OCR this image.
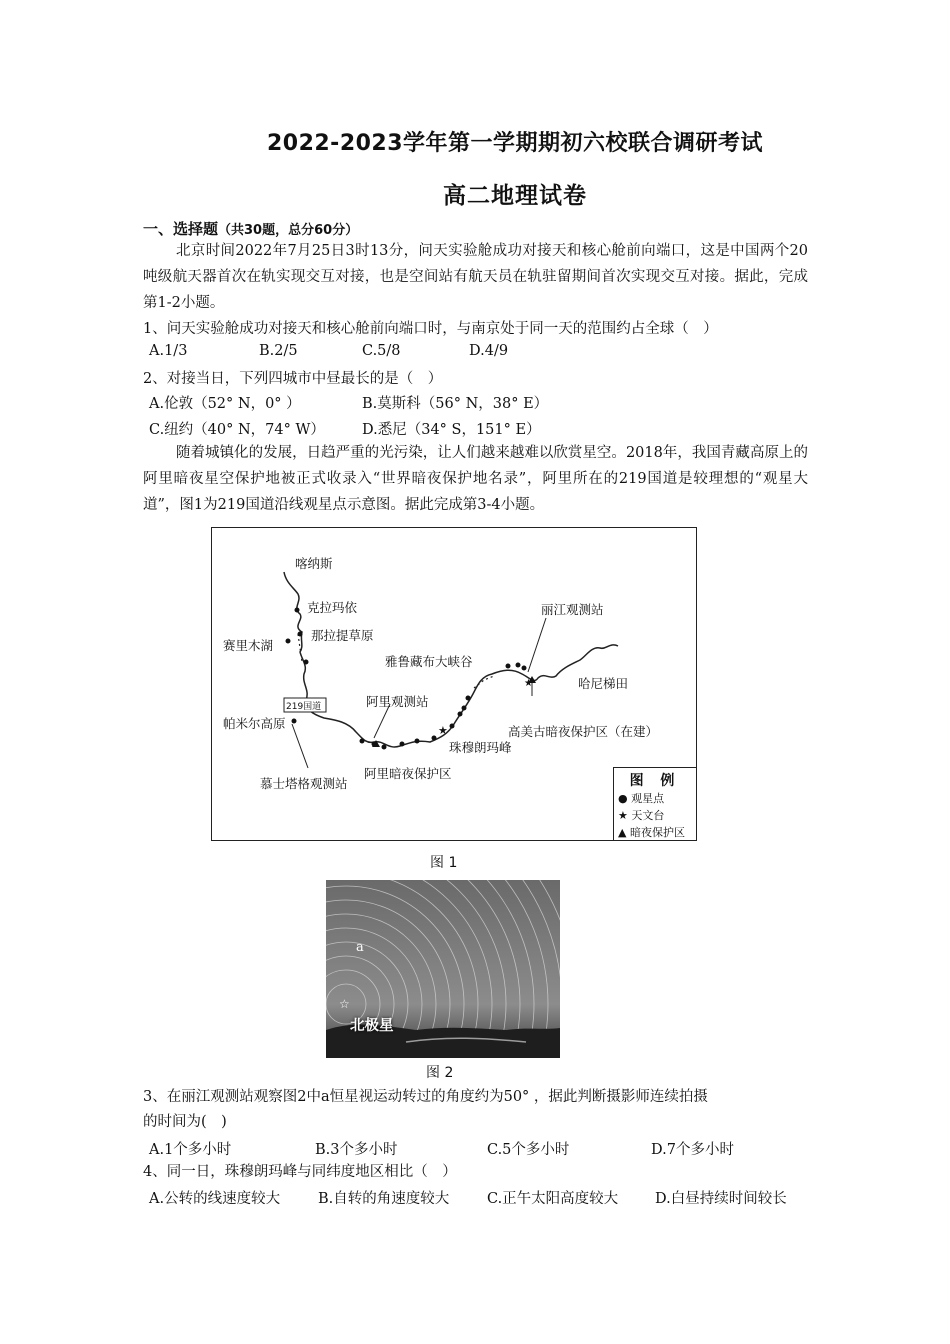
2022-2023学年第一学期期初六校联合调研考试
高二地理试卷
一、选择题（共30题，总分60分）
北京时间2022年7月25日3时13分，问天实验舱成功对接天和核心舱前向端口，这是中国两个20吨级航天器首次在轨实现交互对接，也是空间站有航天员在轨驻留期间首次实现交互对接。据此，完成第1-2小题。
1、问天实验舱成功对接天和核心舱前向端口时，与南京处于同一天的范围约占全球（　）
A.1/3	B.2/5	C.5/8	D.4/9
2、对接当日，下列四城市中昼最长的是（　）
A.伦敦（52° N，0° ）	B.莫斯科（56° N，38° E）
C.纽约（40° N，74° W）	D.悉尼（34° S，151° E）
随着城镇化的发展，日趋严重的光污染，让人们越来越难以欣赏星空。2018年，我国青藏高原上的阿里暗夜星空保护地被正式收录入“世界暗夜保护地名录”，阿里所在的219国道是较理想的“观星大道”，图1为219国道沿线观星点示意图。据此完成第3-4小题。
★
★
喀纳斯
克拉玛依
那拉提草原
赛里木湖
219国道
帕米尔高原
慕士塔格观测站
阿里观测站
阿里暗夜保护区
雅鲁藏布大峡谷
珠穆朗玛峰
丽江观测站
哈尼梯田
高美古暗夜保护区（在建）
图 例
● 观星点
★ 天文台
▲ 暗夜保护区
图 1
☆
a
北极星
图 2
3、在丽江观测站观察图2中a恒星视运动转过的角度约为50° ，据此判断摄影师连续拍摄
的时间为(　)
A.1个多小时	B.3个多小时	C.5个多小时	D.7个多小时
4、同一日，珠穆朗玛峰与同纬度地区相比（　）
A.公转的线速度较大	B.自转的角速度较大	C.正午太阳高度较大	D.白昼持续时间较长
